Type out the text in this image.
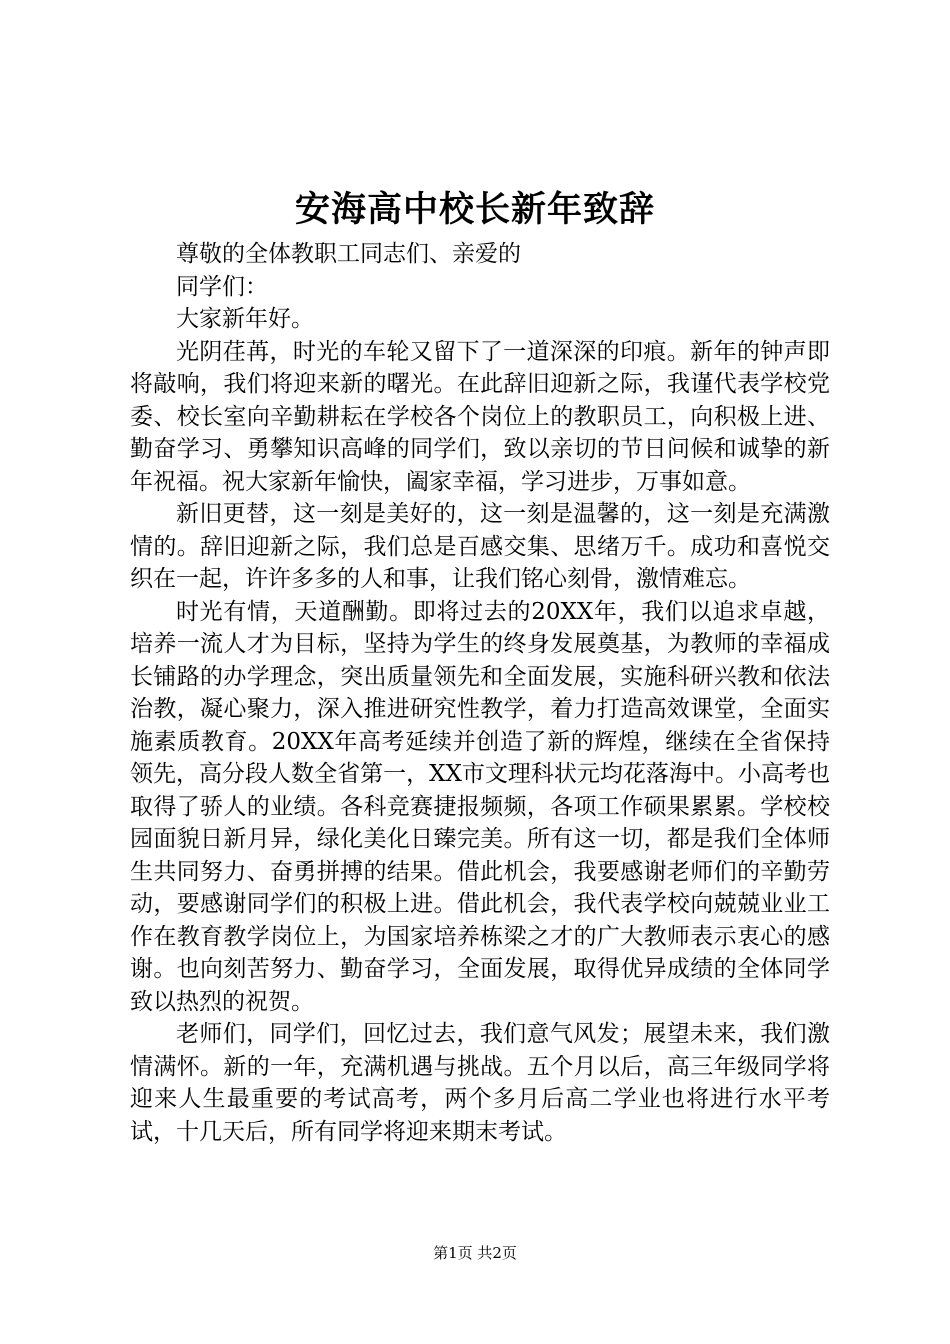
安海高中校长新年致辞

尊敬的全体教职工同志们、亲爱的

同学们：

大家新年好。

光阴荏苒，时光的车轮又留下了一道深深的印痕。新年的钟声即将敲响，我们将迎来新的曙光。在此辞旧迎新之际，我谨代表学校党委、校长室向辛勤耕耘在学校各个岗位上的教职员工，向积极上进、勤奋学习、勇攀知识高峰的同学们，致以亲切的节日问候和诚挚的新年祝福。祝大家新年愉快，阖家幸福，学习进步，万事如意。

新旧更替，这一刻是美好的，这一刻是温馨的，这一刻是充满激情的。辞旧迎新之际，我们总是百感交集、思绪万千。成功和喜悦交织在一起，许许多多的人和事，让我们铭心刻骨，激情难忘。

时光有情，天道酬勤。即将过去的20XX年，我们以追求卓越，培养一流人才为目标，坚持为学生的终身发展奠基，为教师的幸福成长铺路的办学理念，突出质量领先和全面发展，实施科研兴教和依法治教，凝心聚力，深入推进研究性教学，着力打造高效课堂，全面实施素质教育。20XX年高考延续并创造了新的辉煌，继续在全省保持领先，高分段人数全省第一，XX市文理科状元均花落海中。小高考也取得了骄人的业绩。各科竞赛捷报频频，各项工作硕果累累。学校校园面貌日新月异，绿化美化日臻完美。所有这一切，都是我们全体师生共同努力、奋勇拼搏的结果。借此机会，我要感谢老师们的辛勤劳动，要感谢同学们的积极上进。借此机会，我代表学校向兢兢业业工作在教育教学岗位上，为国家培养栋梁之才的广大教师表示衷心的感谢。也向刻苦努力、勤奋学习，全面发展，取得优异成绩的全体同学致以热烈的祝贺。

老师们，同学们，回忆过去，我们意气风发；展望未来，我们激情满怀。新的一年，充满机遇与挑战。五个月以后，高三年级同学将迎来人生最重要的考试高考，两个多月后高二学业也将进行水平考试，十几天后，所有同学将迎来期末考试。

第1页 共2页
